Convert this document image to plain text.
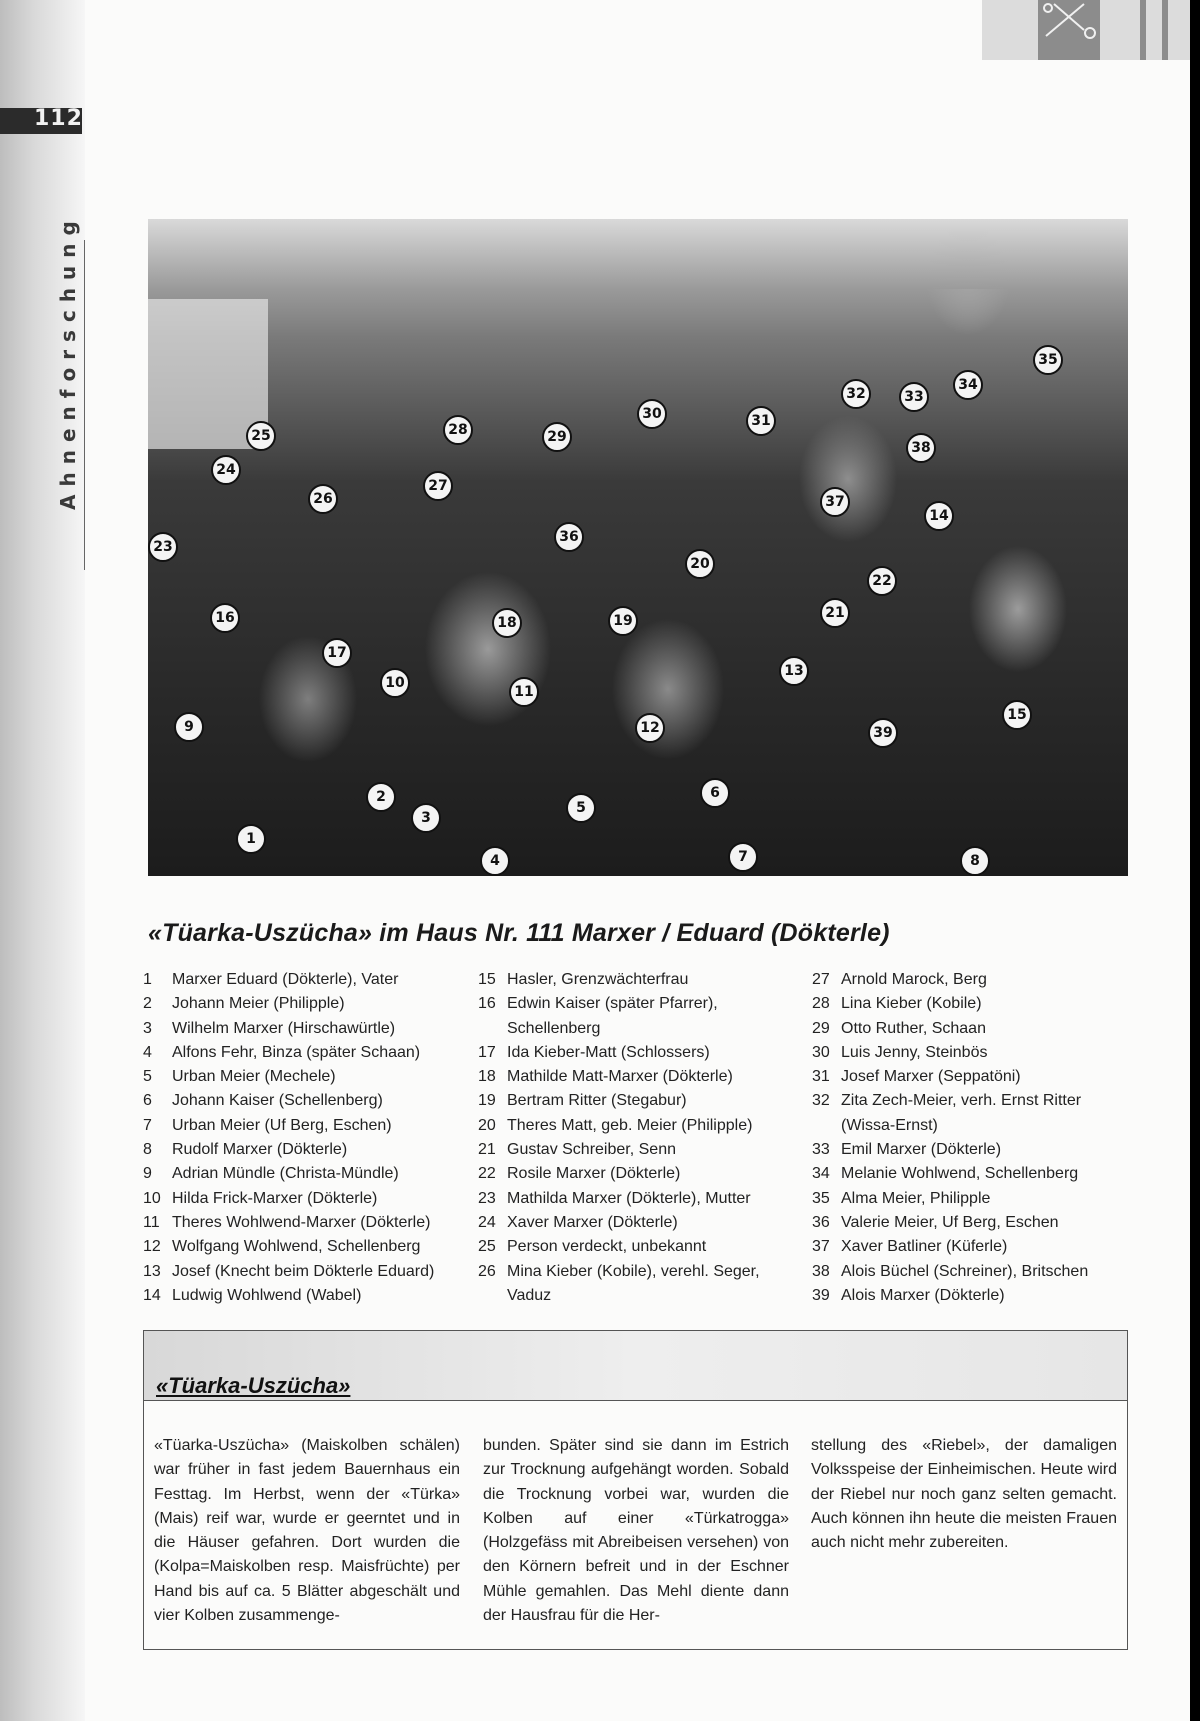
112
Ahnenforschung
1
2
3
4
5
6
7	8
9
10
11
12
13
14
15
16
17
18	19
20
21
22
23
24
25
26
27
28	29
30	31
32	33
34
35
36
37
38
39
«Tüarka-Uszücha» im Haus Nr. 111 Marxer / Eduard (Dökterle)
1	Marxer Eduard (Dökterle), Vater
2	Johann Meier (Philipple)
3	Wilhelm Marxer (Hirschawürtle)
4	Alfons Fehr, Binza (später Schaan)
5	Urban Meier (Mechele)
6	Johann Kaiser (Schellenberg)
7	Urban Meier (Uf Berg, Eschen)
8	Rudolf Marxer (Dökterle)
9	Adrian Mündle (Christa-Mündle)
10 Hilda Frick-Marxer (Dökterle)
11 Theres Wohlwend-Marxer (Dökterle)
12 Wolfgang Wohlwend, Schellenberg
13 Josef (Knecht beim Dökterle Eduard)
14 Ludwig Wohlwend (Wabel)
15 Hasler, Grenzwächterfrau
16 Edwin Kaiser (später Pfarrer),
Schellenberg
17 Ida Kieber-Matt (Schlossers)
18 Mathilde Matt-Marxer (Dökterle)
19 Bertram Ritter (Stegabur)
20 Theres Matt, geb. Meier (Philipple)
21 Gustav Schreiber, Senn
22 Rosile Marxer (Dökterle)
23 Mathilda Marxer (Dökterle), Mutter
24 Xaver Marxer (Dökterle)
25 Person verdeckt, unbekannt
26 Mina Kieber (Kobile), verehl. Seger,
Vaduz
27 Arnold Marock, Berg
28 Lina Kieber (Kobile)
29 Otto Ruther, Schaan
30 Luis Jenny, Steinbös
31 Josef Marxer (Seppatöni)
32 Zita Zech-Meier, verh. Ernst Ritter
(Wissa-Ernst)
33 Emil Marxer (Dökterle)
34 Melanie Wohlwend, Schellenberg
35 Alma Meier, Philipple
36 Valerie Meier, Uf Berg, Eschen
37 Xaver Batliner (Küferle)
38 Alois Büchel (Schreiner), Britschen
39 Alois Marxer (Dökterle)
«Tüarka-Uszücha»
«Tüarka-Uszücha» (Maiskolben schälen) war früher in fast jedem Bauernhaus ein Festtag. Im Herbst, wenn der «Türka» (Mais) reif war, wurde er geerntet und in die Häuser gefahren. Dort wurden die (Kolpa=Maiskolben resp. Maisfrüchte) per Hand bis auf ca. 5 Blätter abgeschält und vier Kolben zusammenge-
bunden. Später sind sie dann im Estrich zur Trocknung aufgehängt worden. Sobald die Trocknung vorbei war, wurden die Kolben auf einer «Türkatrogga» (Holzgefäss mit Abreibeisen versehen) von den Körnern befreit und in der Eschner Mühle gemahlen. Das Mehl diente dann der Hausfrau für die Her-
stellung des «Riebel», der damaligen Volksspeise der Einheimischen. Heute wird der Riebel nur noch ganz selten gemacht. Auch können ihn heute die meisten Frauen auch nicht mehr zubereiten.
